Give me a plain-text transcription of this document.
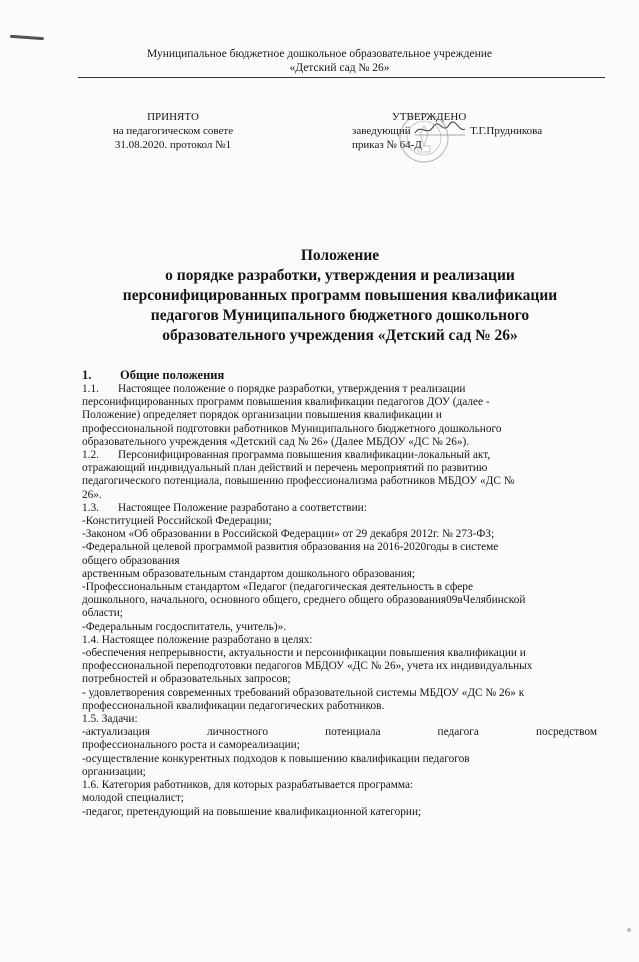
Муниципальное бюджетное дошкольное образовательное учреждение
«Детский сад № 26»
ПРИНЯТО
на педагогическом совете
31.08.2020. протокол №1
УТВЕРЖДЕНО
заведующий	Т.Г.Прудникова
приказ № 64-Д
Положение
о порядке разработки, утверждения и реализации
персонифицированных программ повышения квалификации
педагогов Муниципального бюджетного дошкольного
образовательного учреждения «Детский сад № 26»

1. Общие положения

1.1. Настоящее положение о порядке разработки, утверждения т реализации

персонифицированных программ повышения квалификации педагогов ДОУ (далее -

Положение) определяет порядок организации повышения квалификации и

профессиональной подготовки работников Муниципального бюджетного дошкольного

образовательного учреждения «Детский сад № 26» (Далее МБДОУ «ДС № 26»).

1.2. Персонифицированная программа повышения квалификации-локальный акт,

отражающий индивидуальный план действий и перечень мероприятий по развитию

педагогического потенциала, повышению профессионализма работников МБДОУ «ДС №

26».

1.3. Настоящее Положение разработано а соответствии:

-Конституцией Российской Федерации;

-Законом «Об образовании в Российской Федерации» от 29 декабря 2012г. № 273-ФЗ;

-Федеральной целевой программой развития образования на 2016-2020годы в системе

общего образования

арственным образовательным стандартом дошкольного образования;

-Профессиональным стандартом «Педагог (педагогическая деятельность в сфере

дошкольного, начального, основного общего, среднего общего образования09вЧелябинской

области;

-Федеральным госдоспитатель, учитель)».

1.4. Настоящее положение разработано в целях:

-обеспечения непрерывности, актуальности и персонификации повышения квалификации и

профессиональной переподготовки педагогов МБДОУ «ДС № 26», учета их индивидуальных

потребностей и образовательных запросов;

- удовлетворения современных требований образовательной системы МБДОУ «ДС № 26» к

профессиональной квалификации педагогических работников.

1.5. Задачи:

-актуализация личностного потенциала педагога посредством

профессионального роста и самореализации;

-осуществление конкурентных подходов к повышению квалификации педагогов

организации;

1.6. Категория работников, для которых разрабатывается программа:

молодой специалист;

-педагог, претендующий на повышение квалификационной категории;
